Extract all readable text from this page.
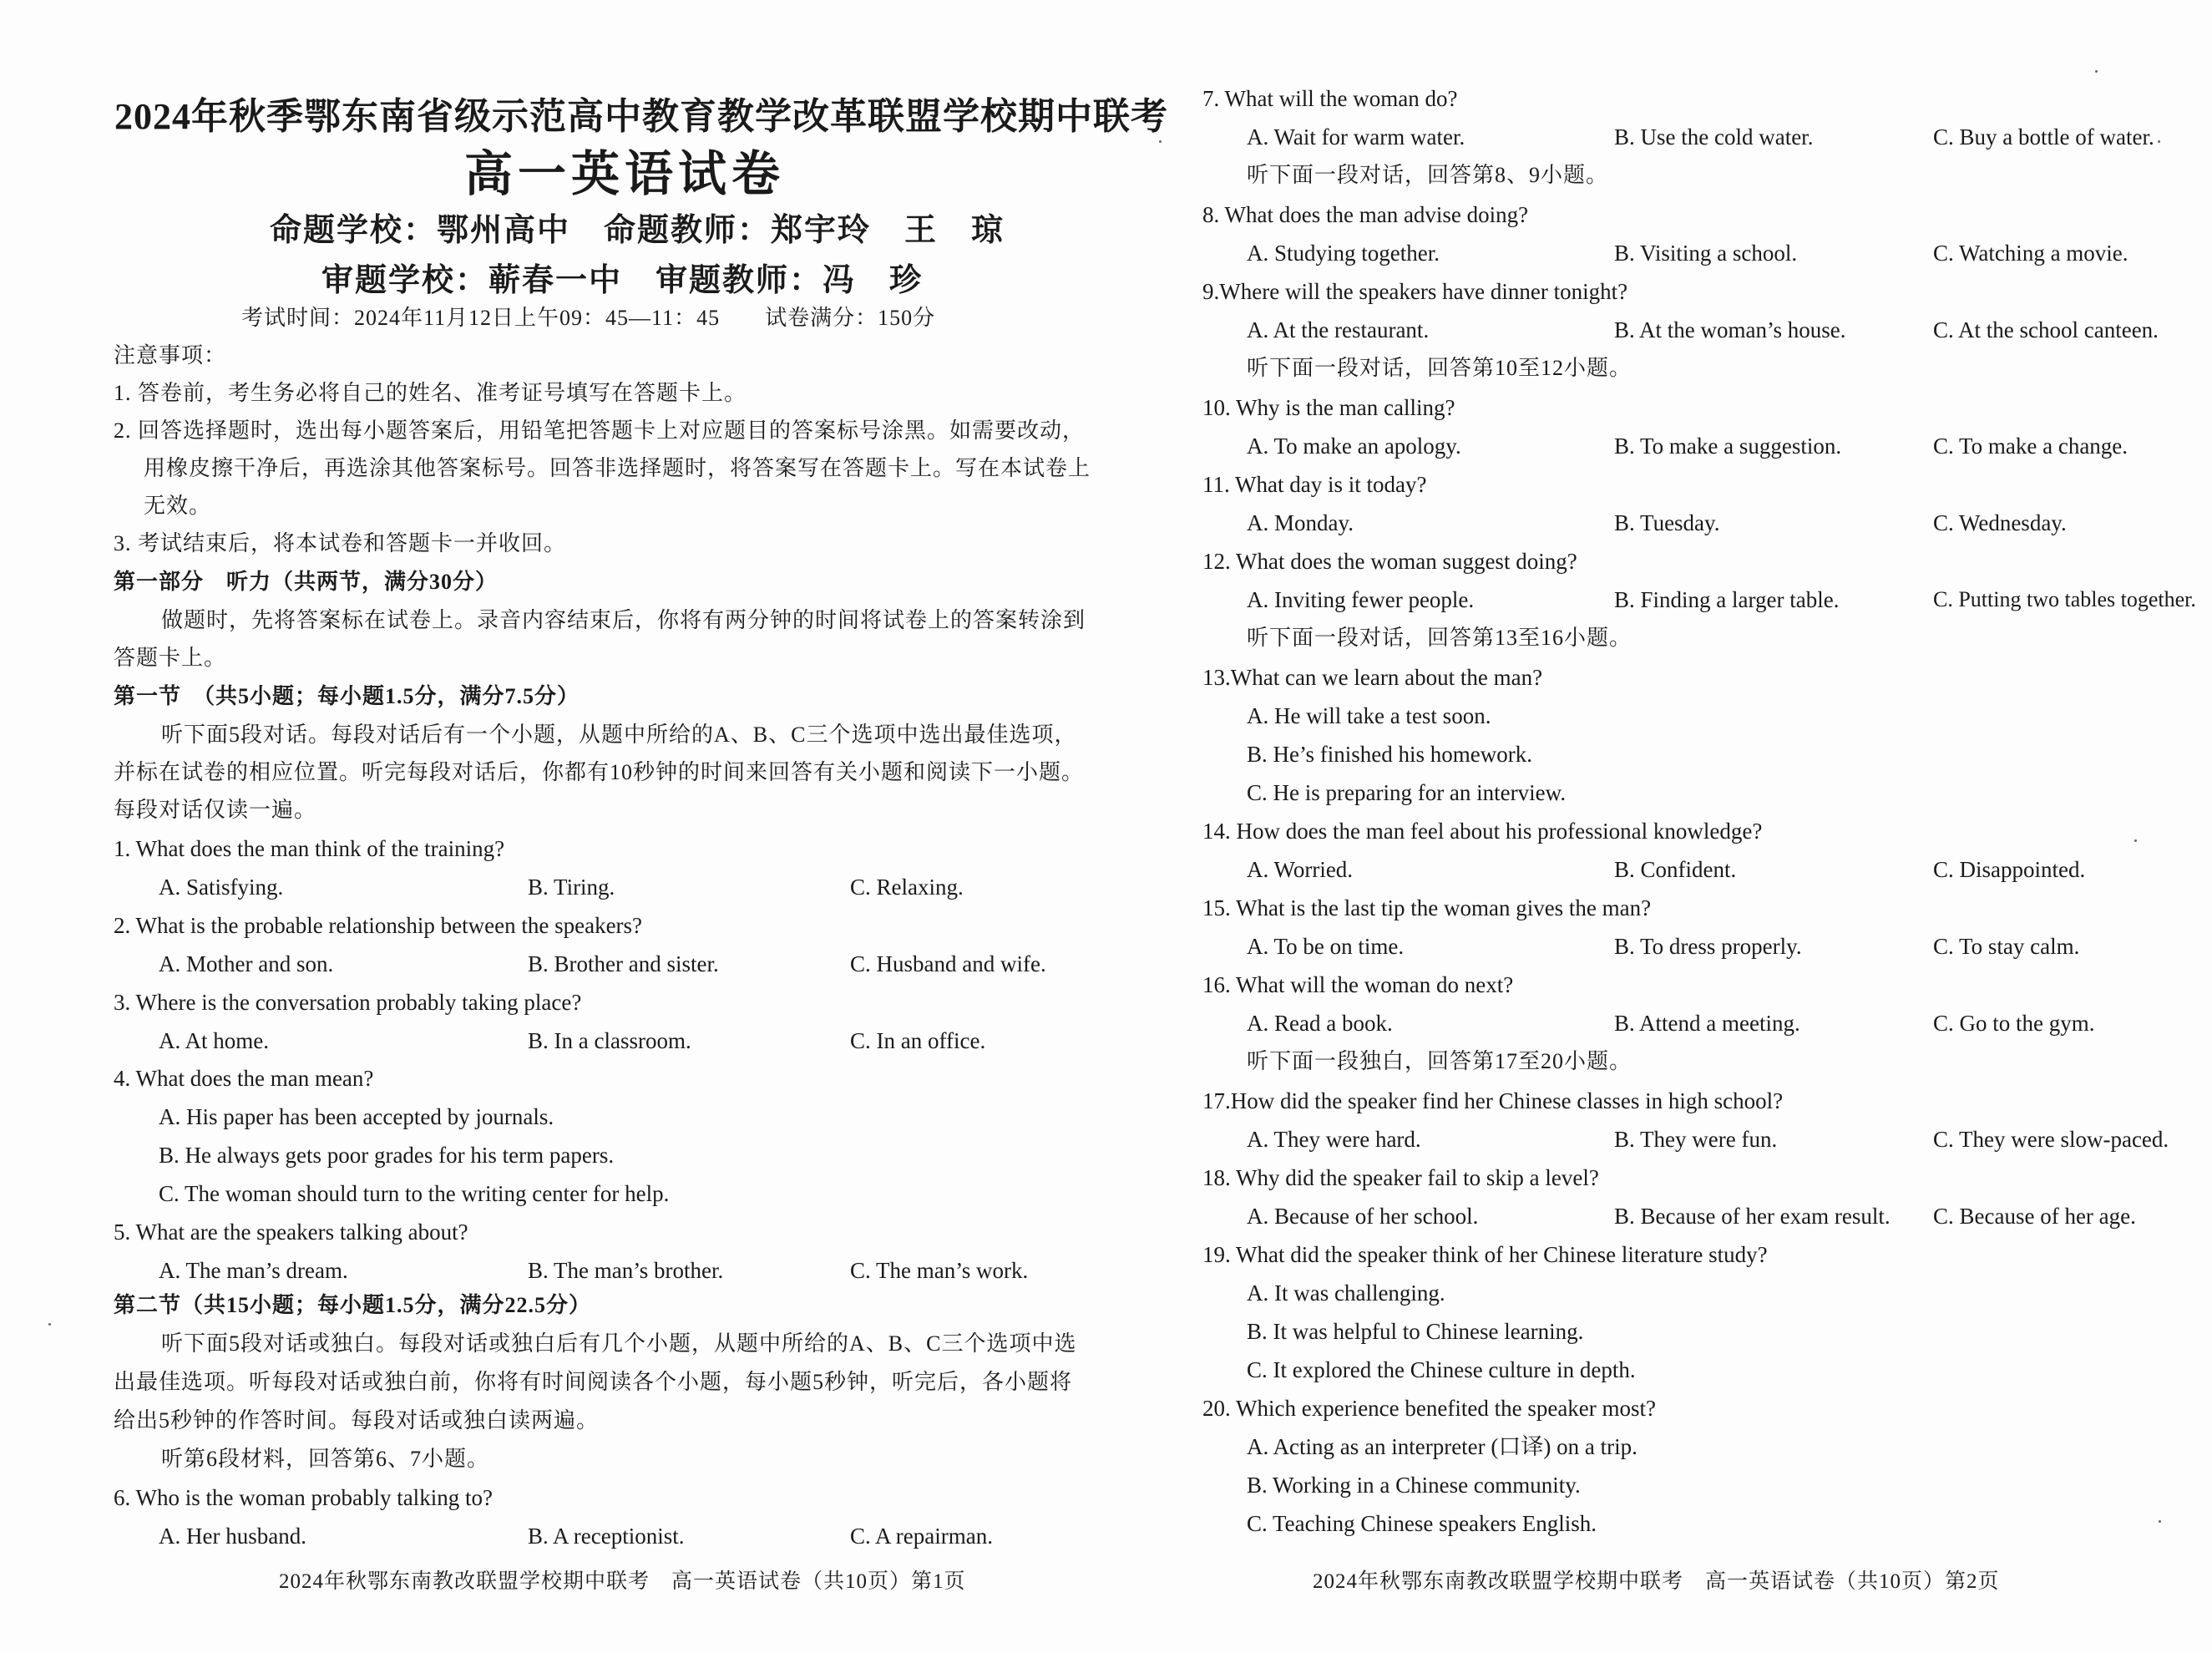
2024年秋季鄂东南省级示范高中教育教学改革联盟学校期中联考
高一英语试卷
命题学校：鄂州高中　命题教师：郑宇玲　王　琼
审题学校：蕲春一中　审题教师：冯　珍
考试时间：2024年11月12日上午09：45—11：45　　试卷满分：150分
注意事项：
1. 答卷前，考生务必将自己的姓名、准考证号填写在答题卡上。
2. 回答选择题时，选出每小题答案后，用铅笔把答题卡上对应题目的答案标号涂黑。如需要改动，
用橡皮擦干净后，再选涂其他答案标号。回答非选择题时，将答案写在答题卡上。写在本试卷上
无效。
3. 考试结束后，将本试卷和答题卡一并收回。
第一部分　听力（共两节，满分30分）
做题时，先将答案标在试卷上。录音内容结束后，你将有两分钟的时间将试卷上的答案转涂到
答题卡上。
第一节　（共5小题；每小题1.5分，满分7.5分）
听下面5段对话。每段对话后有一个小题，从题中所给的A、B、C三个选项中选出最佳选项，
并标在试卷的相应位置。听完每段对话后，你都有10秒钟的时间来回答有关小题和阅读下一小题。
每段对话仅读一遍。
1. What does the man think of the training?
A. Satisfying.	B. Tiring.	C. Relaxing.
2. What is the probable relationship between the speakers?
A. Mother and son.	B. Brother and sister.	C. Husband and wife.
3. Where is the conversation probably taking place?
A. At home.	B. In a classroom.	C. In an office.
4. What does the man mean?
A. His paper has been accepted by journals.
B. He always gets poor grades for his term papers.
C. The woman should turn to the writing center for help.
5. What are the speakers talking about?
A. The man’s dream.	B. The man’s brother.	C. The man’s work.
第二节（共15小题；每小题1.5分，满分22.5分）
听下面5段对话或独白。每段对话或独白后有几个小题，从题中所给的A、B、C三个选项中选
出最佳选项。听每段对话或独白前，你将有时间阅读各个小题，每小题5秒钟，听完后，各小题将
给出5秒钟的作答时间。每段对话或独白读两遍。
听第6段材料，回答第6、7小题。
6. Who is the woman probably talking to?
A. Her husband.	B. A receptionist.	C. A repairman.
2024年秋鄂东南教改联盟学校期中联考　高一英语试卷（共10页）第1页
7. What will the woman do?
A. Wait for warm water.	B. Use the cold water.	C. Buy a bottle of water.
听下面一段对话，回答第8、9小题。
8. What does the man advise doing?
A. Studying together.	B. Visiting a school.	C. Watching a movie.
9.Where will the speakers have dinner tonight?
A. At the restaurant.	B. At the woman’s house.	C. At the school canteen.
听下面一段对话，回答第10至12小题。
10. Why is the man calling?
A. To make an apology.	B. To make a suggestion.	C. To make a change.
11. What day is it today?
A. Monday.	B. Tuesday.	C. Wednesday.
12. What does the woman suggest doing?
A. Inviting fewer people.	B. Finding a larger table.	C. Putting two tables together.
听下面一段对话，回答第13至16小题。
13.What can we learn about the man?
A. He will take a test soon.
B. He’s finished his homework.
C. He is preparing for an interview.
14. How does the man feel about his professional knowledge?
A. Worried.	B. Confident.	C. Disappointed.
15. What is the last tip the woman gives the man?
A. To be on time.	B. To dress properly.	C. To stay calm.
16. What will the woman do next?
A. Read a book.	B. Attend a meeting.	C. Go to the gym.
听下面一段独白，回答第17至20小题。
17.How did the speaker find her Chinese classes in high school?
A. They were hard.	B. They were fun.	C. They were slow-paced.
18. Why did the speaker fail to skip a level?
A. Because of her school.	B. Because of her exam result. C. Because of her age.
19. What did the speaker think of her Chinese literature study?
A. It was challenging.
B. It was helpful to Chinese learning.
C. It explored the Chinese culture in depth.
20. Which experience benefited the speaker most?
A. Acting as an interpreter (口译) on a trip.
B. Working in a Chinese community.
C. Teaching Chinese speakers English.
2024年秋鄂东南教改联盟学校期中联考　高一英语试卷（共10页）第2页
